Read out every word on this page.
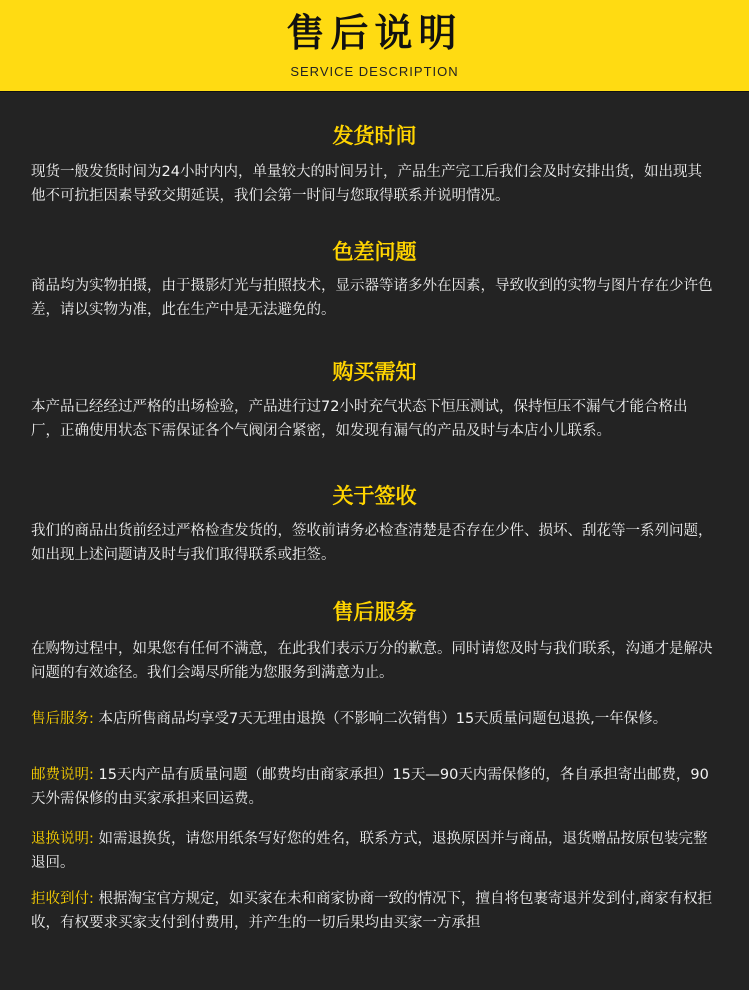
售后说明
SERVICE DESCRIPTION
发货时间
现货一般发货时间为24小时内内，单量较大的时间另计，产品生产完工后我们会及时安排出货，如出现其他不可抗拒因素导致交期延误，我们会第一时间与您取得联系并说明情况。
色差问题
商品均为实物拍摄，由于摄影灯光与拍照技术，显示器等诸多外在因素，导致收到的实物与图片存在少许色差，请以实物为准，此在生产中是无法避免的。
购买需知
本产品已经经过严格的出场检验，产品进行过72小时充气状态下恒压测试，保持恒压不漏气才能合格出厂，正确使用状态下需保证各个气阀闭合紧密，如发现有漏气的产品及时与本店小儿联系。
关于签收
我们的商品出货前经过严格检查发货的，签收前请务必检查清楚是否存在少件、损坏、刮花等一系列问题，如出现上述问题请及时与我们取得联系或拒签。
售后服务
在购物过程中，如果您有任何不满意，在此我们表示万分的歉意。同时请您及时与我们联系，沟通才是解决问题的有效途径。我们会竭尽所能为您服务到满意为止。
售后服务: 本店所售商品均享受7天无理由退换（不影响二次销售）15天质量问题包退换,一年保修。
邮费说明: 15天内产品有质量问题（邮费均由商家承担）15天—90天内需保修的，各自承担寄出邮费，90天外需保修的由买家承担来回运费。
退换说明: 如需退换货，请您用纸条写好您的姓名，联系方式，退换原因并与商品，退货赠品按原包装完整退回。
拒收到付: 根据淘宝官方规定，如买家在未和商家协商一致的情况下，擅自将包裹寄退并发到付,商家有权拒收，有权要求买家支付到付费用，并产生的一切后果均由买家一方承担
